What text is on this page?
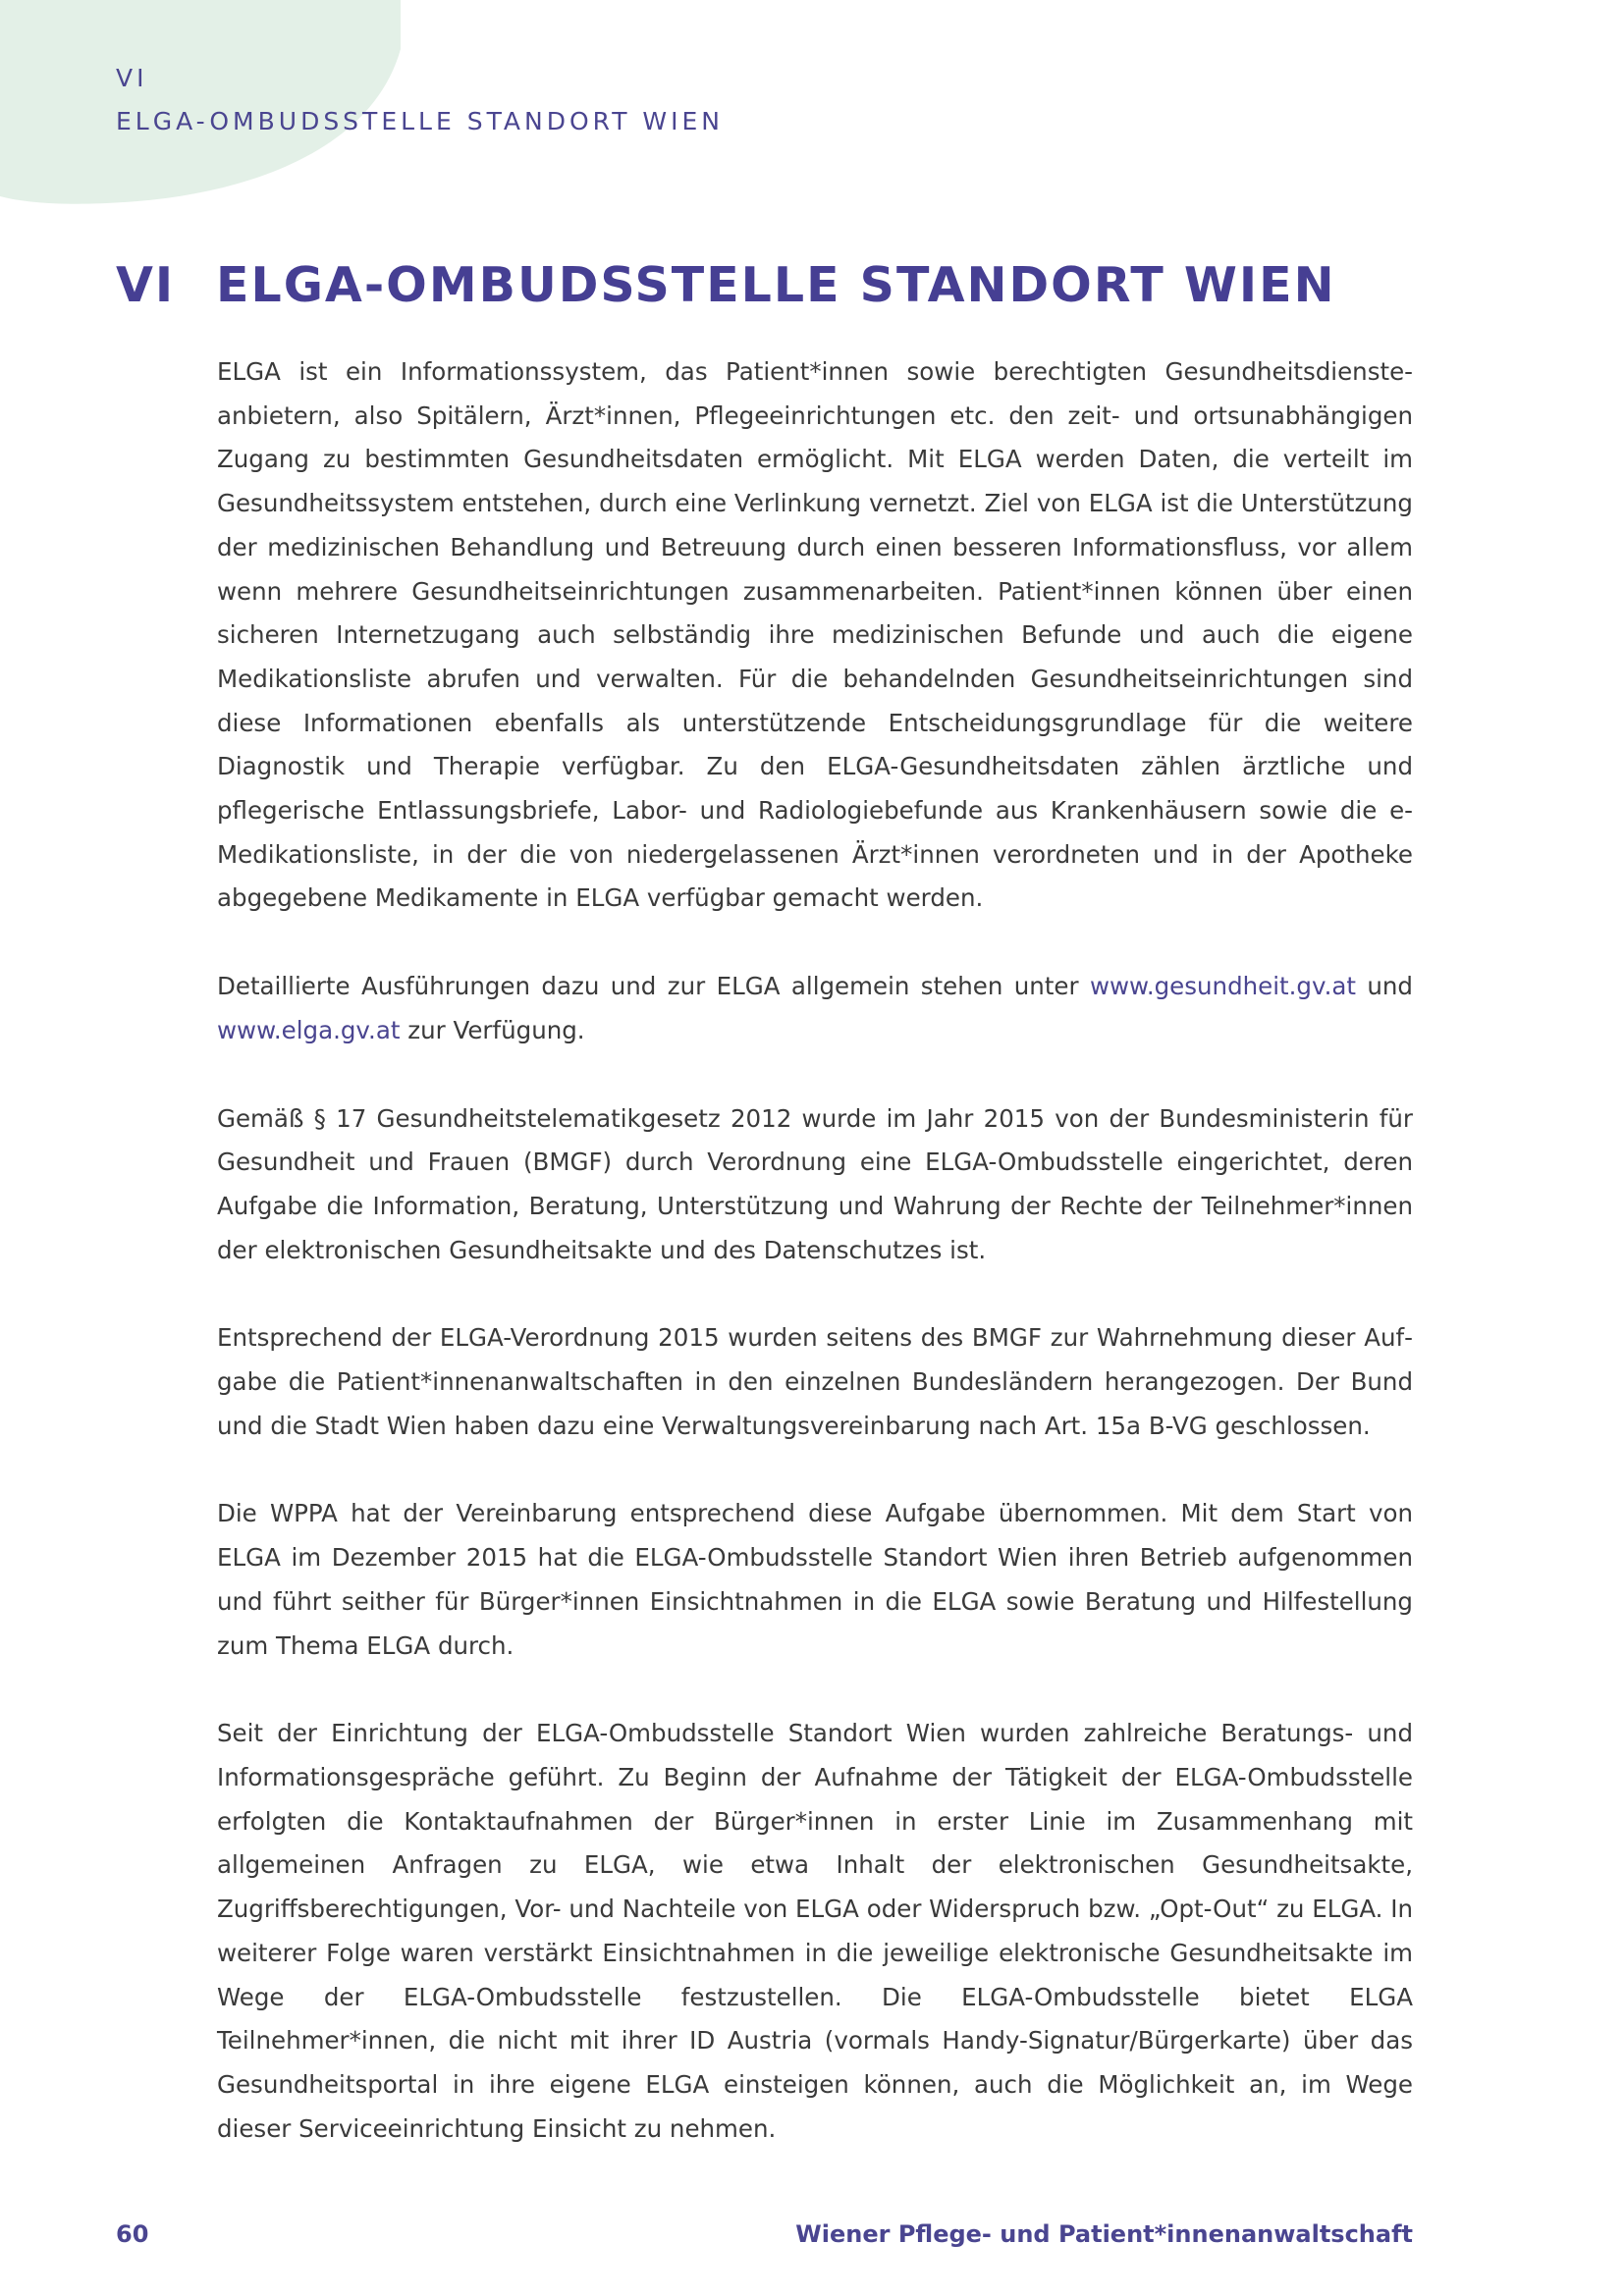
VI
ELGA-OMBUDSSTELLE STANDORT WIEN
VI ELGA-OMBUDSSTELLE STANDORT WIEN

ELGA ist ein Informationssystem, das Patient*innen sowie berechtigten Gesundheitsdiensteanbietern, also Spitälern, Ärzt*innen, Pflegeeinrichtungen etc. den zeit- und ortsunabhängigen Zugang zu bestimmten Gesundheitsdaten ermöglicht. Mit ELGA werden Daten, die verteilt im Gesundheitssystem entstehen, durch eine Verlinkung vernetzt. Ziel von ELGA ist die Unterstützung der medizinischen Behandlung und Betreuung durch einen besseren Informationsfluss, vor allem wenn mehrere Gesundheitseinrichtungen zusammenarbeiten. Patient*innen können über einen sicheren Internetzugang auch selbständig ihre medizinischen Befunde und auch die eigene Medikationsliste abrufen und verwalten. Für die behandelnden Gesundheitseinrichtungen sind diese Informationen ebenfalls als unterstützende Entscheidungsgrundlage für die weitere Diagnostik und Therapie verfügbar. Zu den ELGA-Gesundheitsdaten zählen ärztliche und pflegerische Entlassungsbriefe, Labor- und Radiologiebefunde aus Krankenhäusern sowie die e-Medikationsliste, in der die von niedergelassenen Ärzt*innen verordneten und in der Apotheke abgegebene Medikamente in ELGA verfügbar gemacht werden.

Detaillierte Ausführungen dazu und zur ELGA allgemein stehen unter www.gesundheit.gv.at und www.elga.gv.at zur Verfügung.

Gemäß § 17 Gesundheitstelematikgesetz 2012 wurde im Jahr 2015 von der Bundesministerin für Gesundheit und Frauen (BMGF) durch Verordnung eine ELGA-Ombudsstelle eingerichtet, deren Aufgabe die Information, Beratung, Unterstützung und Wahrung der Rechte der Teilnehmer*innen der elektronischen Gesundheitsakte und des Datenschutzes ist.

Entsprechend der ELGA-Verordnung 2015 wurden seitens des BMGF zur Wahrnehmung dieser Aufgabe die Patient*innenanwaltschaften in den einzelnen Bundesländern herangezogen. Der Bund und die Stadt Wien haben dazu eine Verwaltungsvereinbarung nach Art. 15a B-VG geschlossen.

Die WPPA hat der Vereinbarung entsprechend diese Aufgabe übernommen. Mit dem Start von ELGA im Dezember 2015 hat die ELGA-Ombudsstelle Standort Wien ihren Betrieb aufgenommen und führt seither für Bürger*innen Einsichtnahmen in die ELGA sowie Beratung und Hilfestellung zum Thema ELGA durch.

Seit der Einrichtung der ELGA-Ombudsstelle Standort Wien wurden zahlreiche Beratungs- und Informationsgespräche geführt. Zu Beginn der Aufnahme der Tätigkeit der ELGA-Ombudsstelle erfolgten die Kontaktaufnahmen der Bürger*innen in erster Linie im Zusammenhang mit allgemeinen Anfragen zu ELGA, wie etwa Inhalt der elektronischen Gesundheitsakte, Zugriffsberechtigungen, Vor- und Nachteile von ELGA oder Widerspruch bzw. „Opt-Out“ zu ELGA. In weiterer Folge waren verstärkt Einsichtnahmen in die jeweilige elektronische Gesundheitsakte im Wege der ELGA-Ombudsstelle festzustellen. Die ELGA-Ombudsstelle bietet ELGA Teilnehmer*innen, die nicht mit ihrer ID Austria (vormals Handy-Signatur/Bürgerkarte) über das Gesundheitsportal in ihre eigene ELGA einsteigen können, auch die Möglichkeit an, im Wege dieser Serviceeinrichtung Einsicht zu nehmen.

60	Wiener Pflege- und Patient*innenanwaltschaft
